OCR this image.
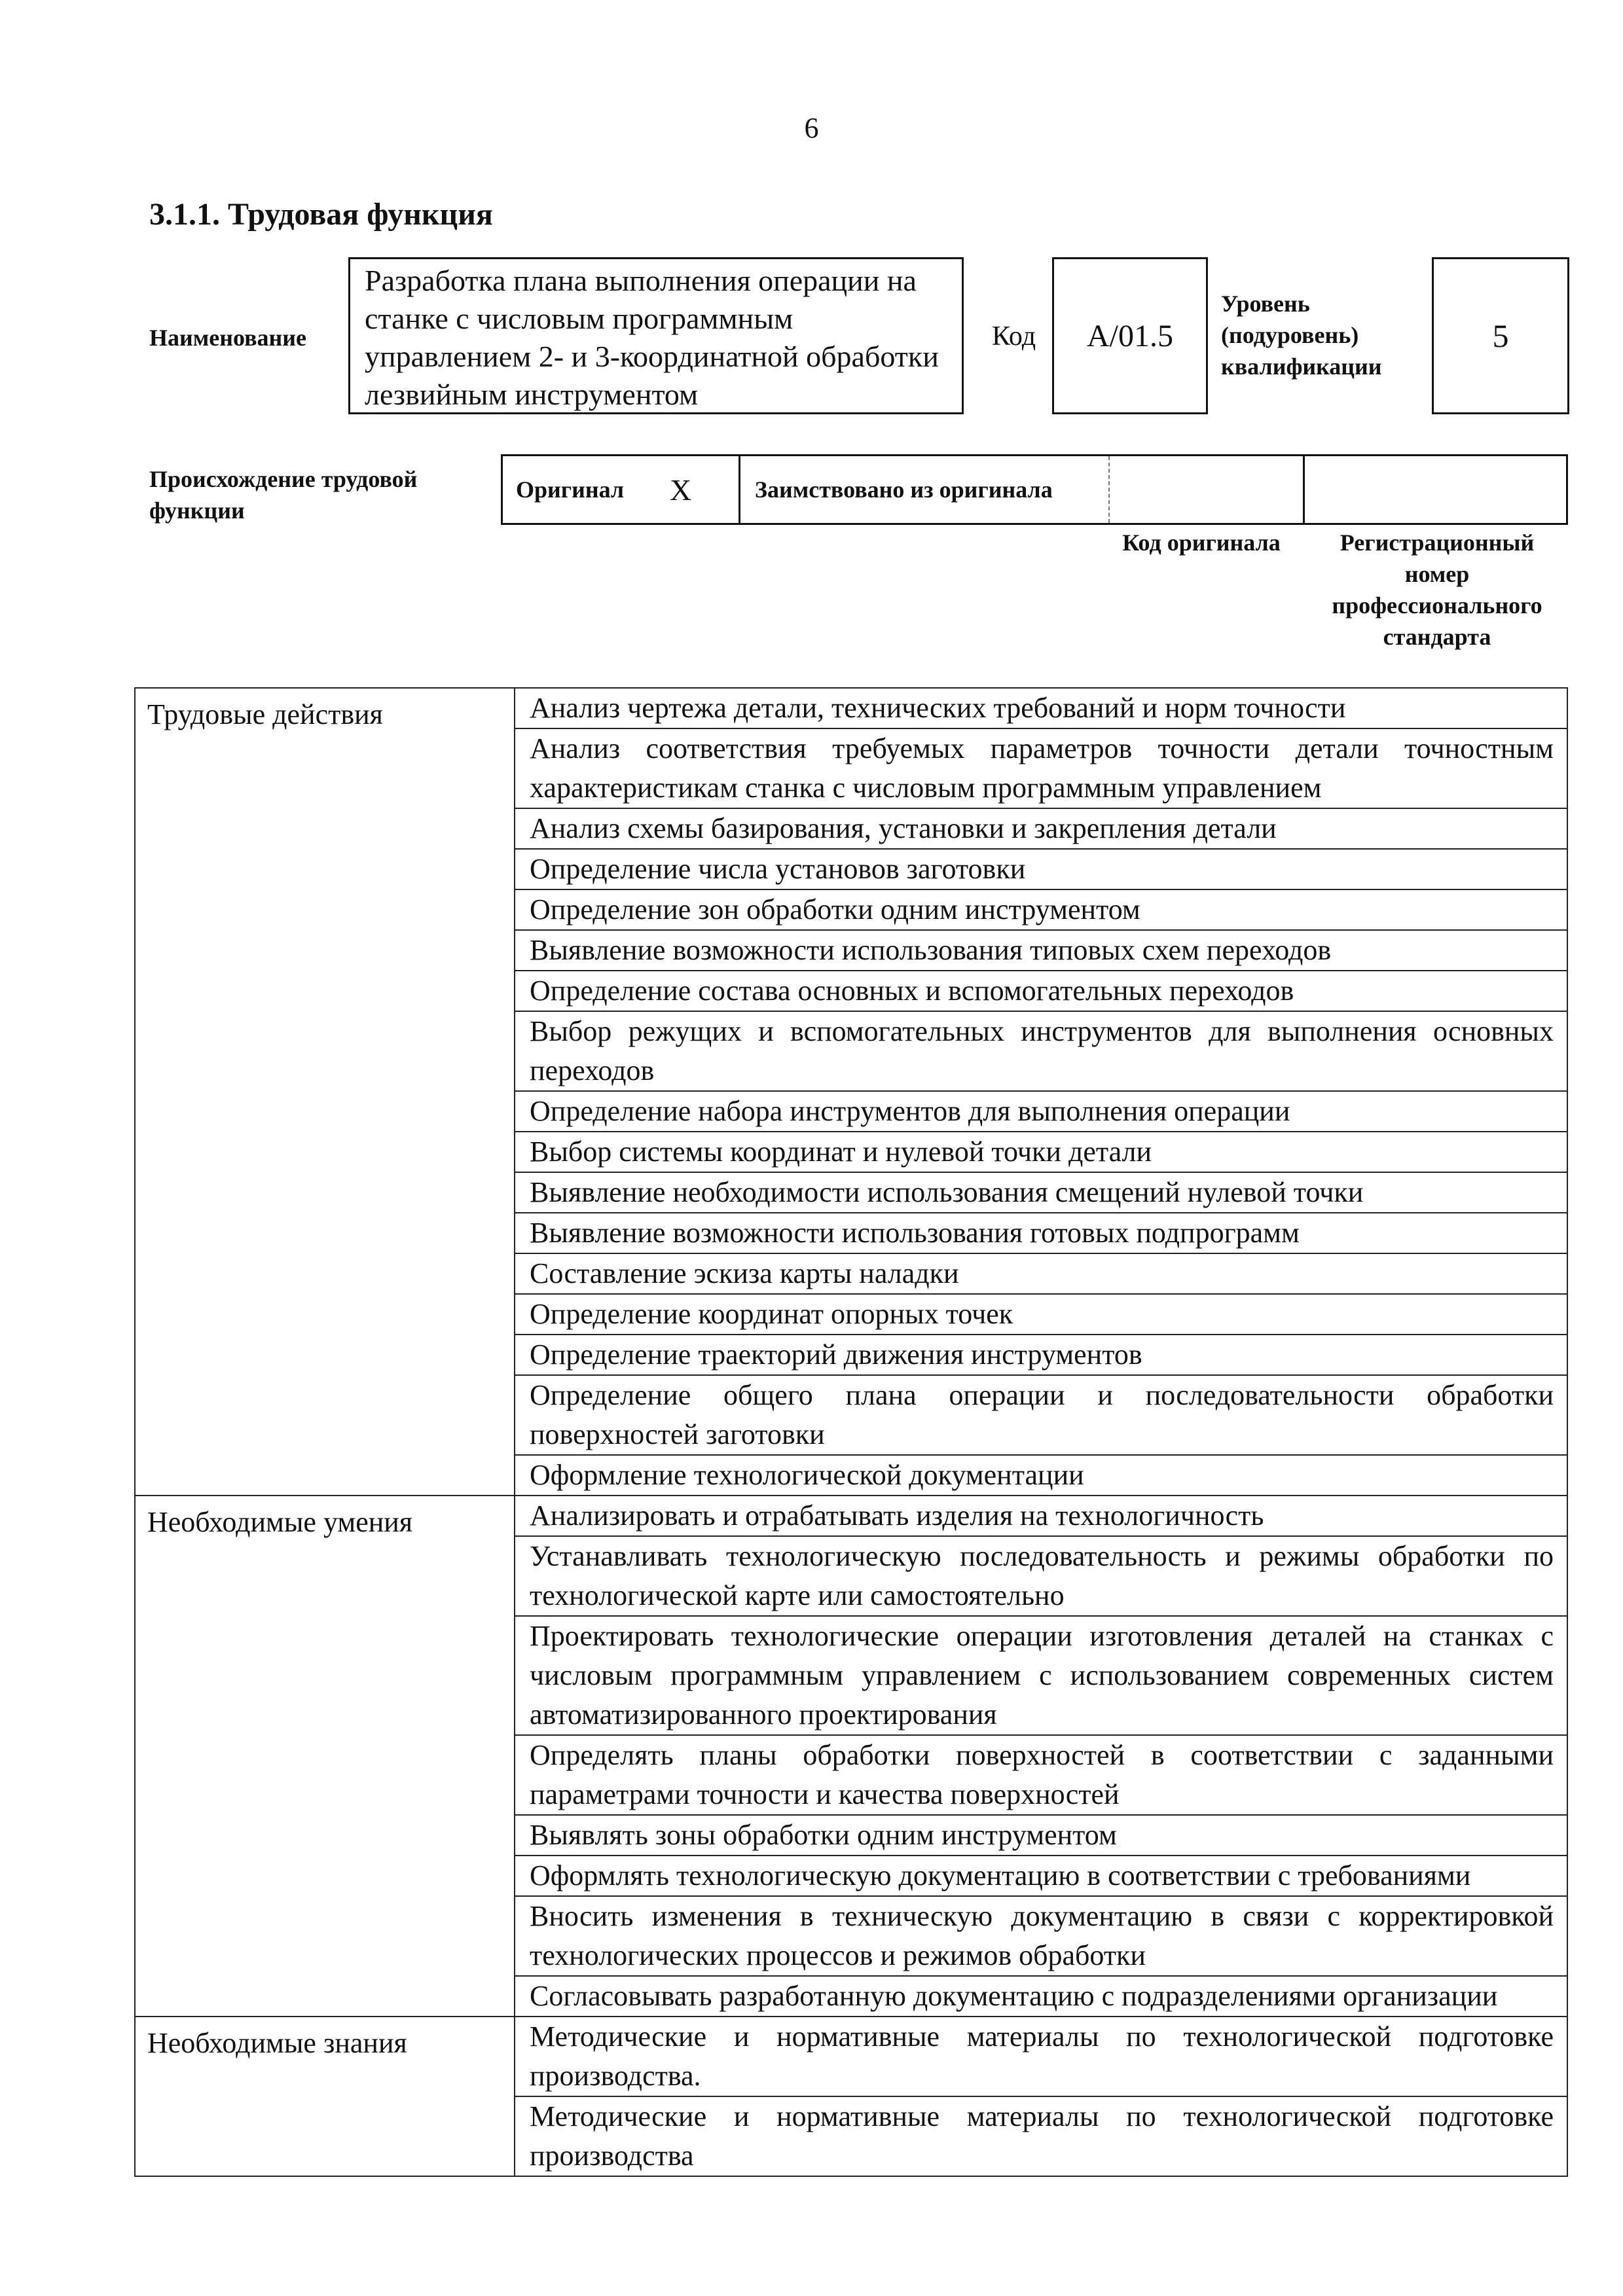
6
3.1.1. Трудовая функция
Наименование
Разработка плана выполнения операции на станке с числовым программным управлением 2- и 3-координатной обработки лезвийным инструментом
Код	A/01.5
Уровень (подуровень) квалификации
5
Происхождение трудовой функции
Оригинал X	Заимствовано из оригинала
Код оригинала	Регистрационный номер профессионального стандарта
Трудовые действия	Анализ чертежа детали, технических требований и норм точности
	Анализ соответствия требуемых параметров точности детали точностным характеристикам станка с числовым программным управлением
	Анализ схемы базирования, установки и закрепления детали
	Определение числа установов заготовки
	Определение зон обработки одним инструментом
	Выявление возможности использования типовых схем переходов
	Определение состава основных и вспомогательных переходов
	Выбор режущих и вспомогательных инструментов для выполнения основных переходов
	Определение набора инструментов для выполнения операции
	Выбор системы координат и нулевой точки детали
	Выявление необходимости использования смещений нулевой точки
	Выявление возможности использования готовых подпрограмм
	Составление эскиза карты наладки
	Определение координат опорных точек
	Определение траекторий движения инструментов
	Определение общего плана операции и последовательности обработки поверхностей заготовки
	Оформление технологической документации
Необходимые умения	Анализировать и отрабатывать изделия на технологичность
	Устанавливать технологическую последовательность и режимы обработки по технологической карте или самостоятельно
	Проектировать технологические операции изготовления деталей на станках с числовым программным управлением с использованием современных систем автоматизированного проектирования
	Определять планы обработки поверхностей в соответствии с заданными параметрами точности и качества поверхностей
	Выявлять зоны обработки одним инструментом
	Оформлять технологическую документацию в соответствии с требованиями
	Вносить изменения в техническую документацию в связи с корректировкой технологических процессов и режимов обработки
	Согласовывать разработанную документацию с подразделениями организации
Необходимые знания	Методические и нормативные материалы по технологической подготовке производства.
	Методические и нормативные материалы по технологической подготовке производства
